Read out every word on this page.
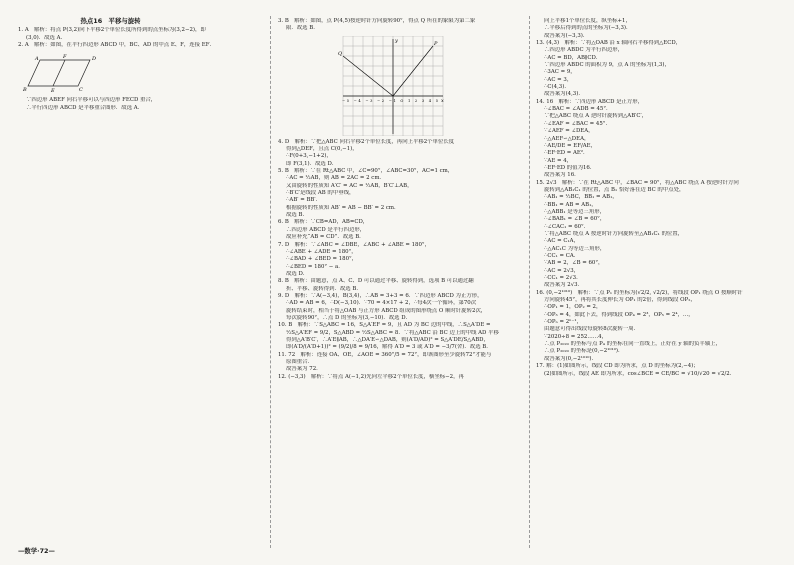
热点16　平移与旋转
1. A　解析：将点 P(3,2)向下平移2个单位长度所得到的点坐标为(3,2−2)，即
(3,0)．故选 A．
2. A　解析：如图，在平行四边形 ABCD 中，BC、AD 的中点 E、F，连接 EF．
A	F	D
B	E	C
∵四边形 ABEF 向右平移可以与四边形 FECD 重合，
∴平行四边形 ABCD 是平移重合图形．故选 A．
3. B　解析：如图，点 P(4,5)按逆时针方向旋转90°，得点 Q 所在的象限为第二象
限．故选 B．
Q
P
y
x
−5 −4 −3 −2 −1 O 1 2 3 4 5
4. D　解析：∵把△ABC 向右平移2个单位长度，再向上平移2个单位长度
得到△DEF，且点 C(0,−1)，
∴F(0+3,−1+2)，
即 F(3,1)．故选 D．
5. B　解析：∵在 Rt△ABC 中，∠C=90°，∠ABC=30°，AC=1 cm，
∴AC = ½AB，则 AB = 2AC = 2 cm．
又由旋转的性质知 A′C′ = AC = ½AB，B′C′⊥AB，
∴B′C′是线段 AB 的中垂线，
∴AB′ = BB′．
根据旋转的性质知 AB′ = AB − BB′ = 2 cm．
故选 B．
6. B　解析：∵CB=AD，AB=CD，
∴四边形 ABCD 是平行四边形，
故应补充“AB = CD”．故选 B．
7. D　解析：∵∠ABC = ∠DBE，∠ABC + ∠ABE = 180°，
∴∠ABE + ∠ADE = 180°，
∴∠BAD + ∠BED = 180°，
∴∠BED = 180° − a．
故选 D．
8. B　解析：由题意，点 A、C、D 可以通过平移、旋转得到，选项 B 可以通过翻
折、平移、旋转得到．故选 B．
9. D　解析：∵A(−3,4)，B(3,4)，∴AB = 3+3 = 6．∵四边形 ABCD 为正方形，
∴AD = AB = 6，∴D(−3,10)．∵70 = 4×17 + 2，∴每4次一个循环，第70次
旋转结束时，相当于将△OAB 与正方形 ABCD 组成的图形绕点 O 顺时针旋转2次，
每次旋转90°，∴点 D 的坐标为(3,−10)．故选 D．
10. B　解析：∵S△ABC = 16，S△A′EF = 9，且 AD 为 BC 边的中线，∴S△A′DE =
½S△A′EF = 9/2，S△ABD = ½S△ABC = 8．∵将△ABC 沿 BC 边上的中线 AD 平移
得到△A′B′C′，∴A′E∥AB，∴△DA′E∽△DAB，则(A′D/AD)² = S△A′DE/S△ABD，
即(A′D/(A′D+1))² = (9/2)/8 = 9/16，解得 A′D = 3 或 A′D = −3/7(舍)．故选 B．
11. 72　解析：连接 OA、OE，∠AOE = 360°/5 = 72°，即该图形至少旋转72°才能与
原图重合．
故答案为 72．
12. (−3,3)　解析：∵将点 A(−1,2)先向左平移2个单位长度，横坐标−2，再
向上平移1个单位长度，纵坐标+1，
∴平移后得到的点的坐标为(−3,3)．
故答案为(−3,3)．
13. (4,3)　解析：∵将△OAB 沿 x 轴向右平移得到△ECD，
∴四边形 ABDC 为平行四边形，
∴AC = BD，AB∥CD．
∵四边形 ABDC 的面积为 9，点 A 的坐标为(1,3)，
∴3AC = 9，
∴AC = 3，
∴C(4,3)．
故答案为(4,3)．
14. 16　解析：∵四边形 ABCD 是正方形，
∴∠BAC = ∠ADB = 45°．
∵把△ABC 绕点 A 逆时针旋转到△AB′C′，
∴∠EAF = ∠BAC = 45°．
∵∠AEF = ∠DEA，
∴△AEF∽△DEA，
∴AE/DE = EF/AE，
∴EF·ED = AE²．
∵AE = 4，
∴EF·ED 的值为16．
故答案为 16．
15. 2√3　解析：∵在 Rt△ABC 中，∠BAC = 90°，将△ABC 绕点 A 按逆时针方向
旋转到△AB₁C₁ 的位置，点 B₁ 恰好落在边 BC 的中点处，
∴AB₁ = ½BC，BB₁ = AB₁，
∴BB₁ = AB = AB₁，
∴△ABB₁ 是等边三角形，
∴∠BAB₁ = ∠B = 60°，
∴∠CAC₁ = 60°．
∵将△ABC 绕点 A 按逆时针方向旋转至△AB₁C₁ 的位置，
∴AC = C₁A，
∴△AC₁C 为等边三角形，
∴CC₁ = CA．
∵AB = 2，∠B = 60°，
∴AC = 2√3，
∴CC₁ = 2√3．
故答案为 2√3．
16. (0,−2¹⁰¹⁰)　解析：∵点 P₁ 的坐标为(√2/2, √2/2)，将线段 OP₁ 绕点 O 按顺时针
方向旋转45°，再将其长度伸长为 OP₁ 的2倍，得到线段 OP₂，
∴OP₁ = 1，OP₂ = 2，
∴OP₃ = 4，如此下去，得到线段 OP₄ = 2³，OP₅ = 2⁴，…，
∴OPₙ = 2ⁿ⁻¹，
由题意可得出线段每旋转8次旋转一周．
∵2020÷8 = 252……4，
∴点 P₂₀₂₀ 的坐标与点 P₄ 的坐标在同一直线上，正好在 y 轴的负半轴上，
∴点 P₂₀₂₀ 的坐标是(0,−2¹⁰¹⁰)．
故答案为(0,−2¹⁰¹⁰)．
17. 解：(1)如图所示，线段 CD 即为所求，点 D 的坐标为(2,−4)；
(2)如图所示，线段 AE 即为所求，cos∠BCE = CE/BC = √10/√20 = √2/2．
—数学·72—
